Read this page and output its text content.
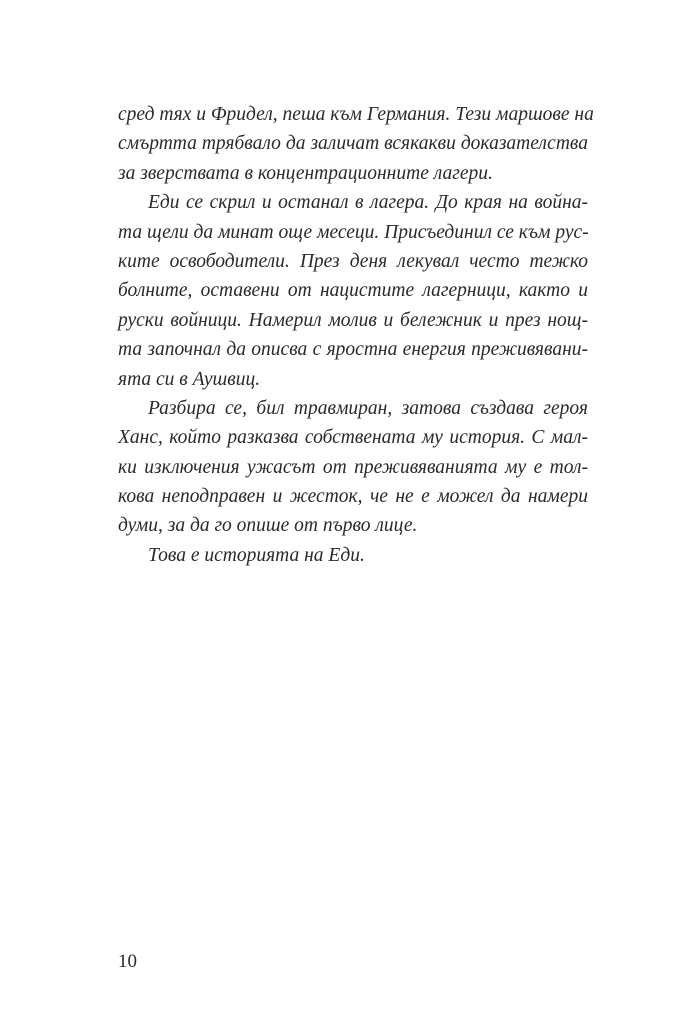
сред тях и Фридел, пеша към Германия. Тези маршове на
смъртта трябвало да заличат всякакви доказателства
за зверствата в концентрационните лагери.
Еди се скрил и останал в лагера. До края на война-
та щели да минат още месеци. Присъединил се към рус-
ките освободители. През деня лекувал често тежко
болните, оставени от нацистите лагерници, както и
руски войници. Намерил молив и бележник и през нощ-
та започнал да описва с яростна енергия преживявани-
ята си в Аушвиц.
Разбира се, бил травмиран, затова създава героя
Ханс, който разказва собствената му история. С мал-
ки изключения ужасът от преживяванията му е тол-
кова неподправен и жесток, че не е можел да намери
думи, за да го опише от първо лице.
Това е историята на Еди.
10
